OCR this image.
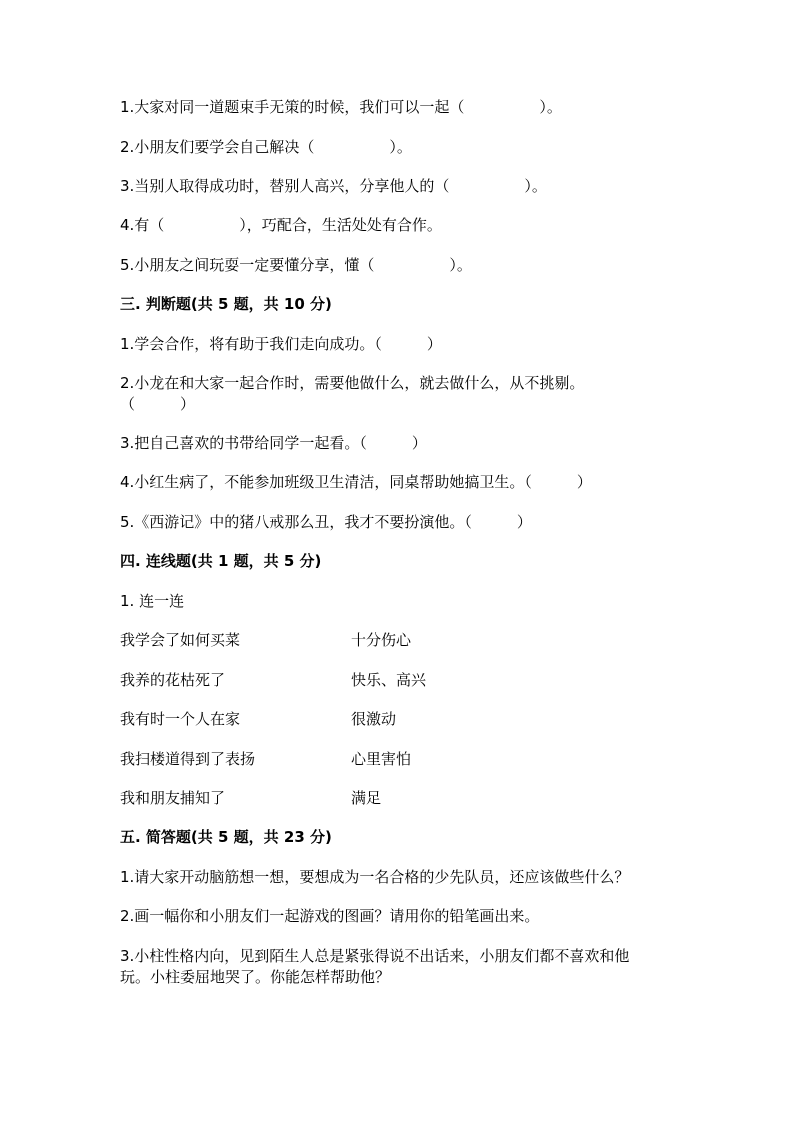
1.大家对同一道题束手无策的时候，我们可以一起（　　　　　）。
2.小朋友们要学会自己解决（　　　　　）。
3.当别人取得成功时，替别人高兴，分享他人的（　　　　　）。
4.有（　　　　　），巧配合，生活处处有合作。
5.小朋友之间玩耍一定要懂分享，懂（　　　　　）。
三. 判断题(共 5 题，共 10 分)
1.学会合作，将有助于我们走向成功。（　　　）
2.小龙在和大家一起合作时，需要他做什么，就去做什么，从不挑剔。
（　　　）
3.把自己喜欢的书带给同学一起看。（　　　）
4.小红生病了，不能参加班级卫生清洁，同桌帮助她搞卫生。（　　　）
5.《西游记》中的猪八戒那么丑，我才不要扮演他。（　　　）
四. 连线题(共 1 题，共 5 分)
1. 连一连
我学会了如何买菜	十分伤心
我养的花枯死了	快乐、高兴
我有时一个人在家	很激动
我扫楼道得到了表扬	心里害怕
我和朋友捕知了	满足
五. 简答题(共 5 题，共 23 分)
1.请大家开动脑筋想一想，要想成为一名合格的少先队员，还应该做些什么？
2.画一幅你和小朋友们一起游戏的图画？请用你的铅笔画出来。
3.小柱性格内向，见到陌生人总是紧张得说不出话来，小朋友们都不喜欢和他
玩。小柱委屈地哭了。你能怎样帮助他？
